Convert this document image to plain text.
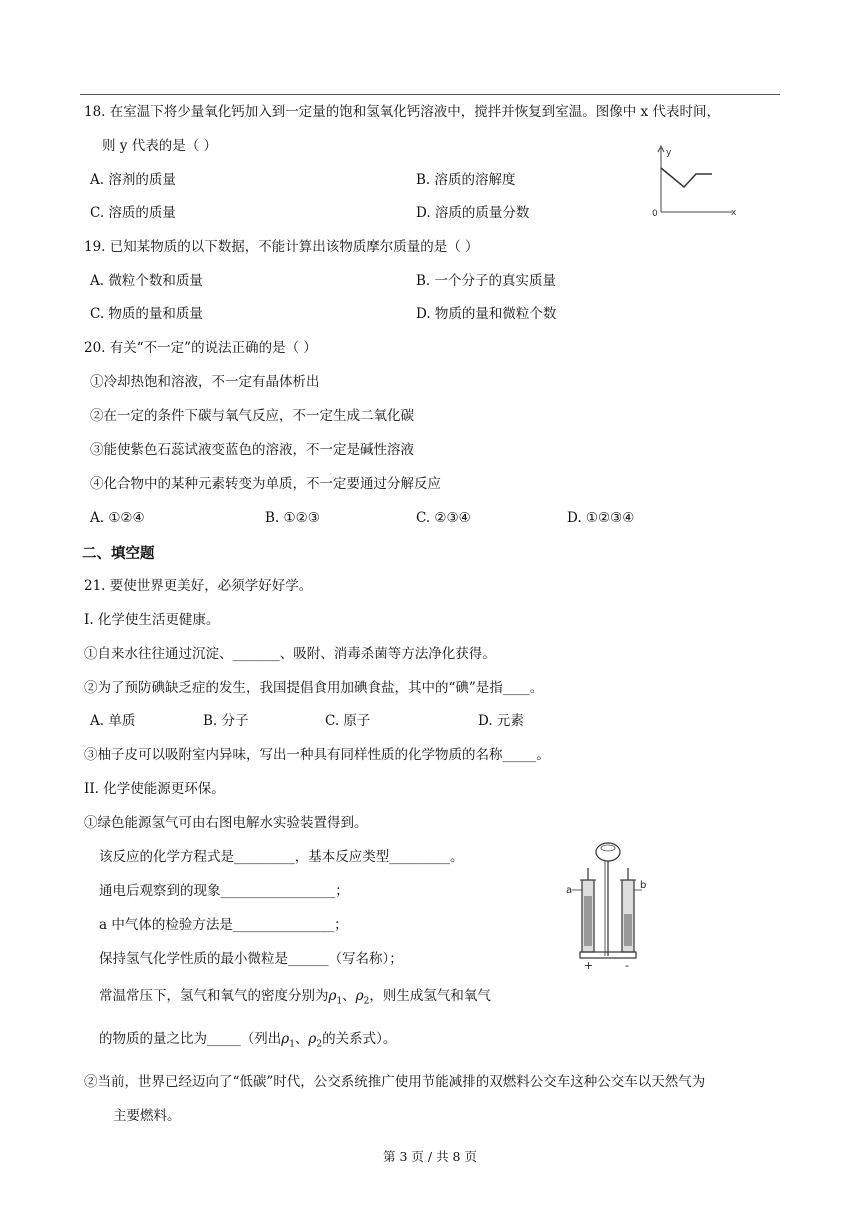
18. 在室温下将少量氧化钙加入到一定量的饱和氢氧化钙溶液中，搅拌并恢复到室温。图像中 x 代表时间，
则 y 代表的是（ ）
A. 溶剂的质量	B. 溶质的溶解度
C. 溶质的质量	D. 溶质的质量分数
y
x
0
19. 已知某物质的以下数据，不能计算出该物质摩尔质量的是（ ）
A. 微粒个数和质量	B. 一个分子的真实质量
C. 物质的量和质量	D. 物质的量和微粒个数
20. 有关“不一定”的说法正确的是（ ）
①冷却热饱和溶液，不一定有晶体析出
②在一定的条件下碳与氧气反应，不一定生成二氧化碳
③能使紫色石蕊试液变蓝色的溶液，不一定是碱性溶液
④化合物中的某种元素转变为单质，不一定要通过分解反应
A. ①②④	B. ①②③	C. ②③④	D. ①②③④
二、填空题
21. 要使世界更美好，必须学好好学。
I. 化学使生活更健康。
①自来水往往通过沉淀、_______、吸附、消毒杀菌等方法净化获得。
②为了预防碘缺乏症的发生，我国提倡食用加碘食盐，其中的“碘”是指____。
A. 单质	B. 分子	C. 原子	D. 元素
③柚子皮可以吸附室内异味，写出一种具有同样性质的化学物质的名称_____。
II. 化学使能源更环保。
①绿色能源氢气可由右图电解水实验装置得到。
该反应的化学方程式是_________，基本反应类型_________。
通电后观察到的现象_________________；
a 中气体的检验方法是_______________；
保持氢气化学性质的最小微粒是______（写名称）；
常温常压下，氢气和氧气的密度分别为$\rho_1$、$\rho_2$，则生成氢气和氧气
的物质的量之比为_____（列出$\rho_1$、$\rho_2$的关系式）。
a	b
+	-
②当前，世界已经迈向了“低碳”时代，公交系统推广使用节能减排的双燃料公交车这种公交车以天然气为
主要燃料。
第 3 页 / 共 8 页
